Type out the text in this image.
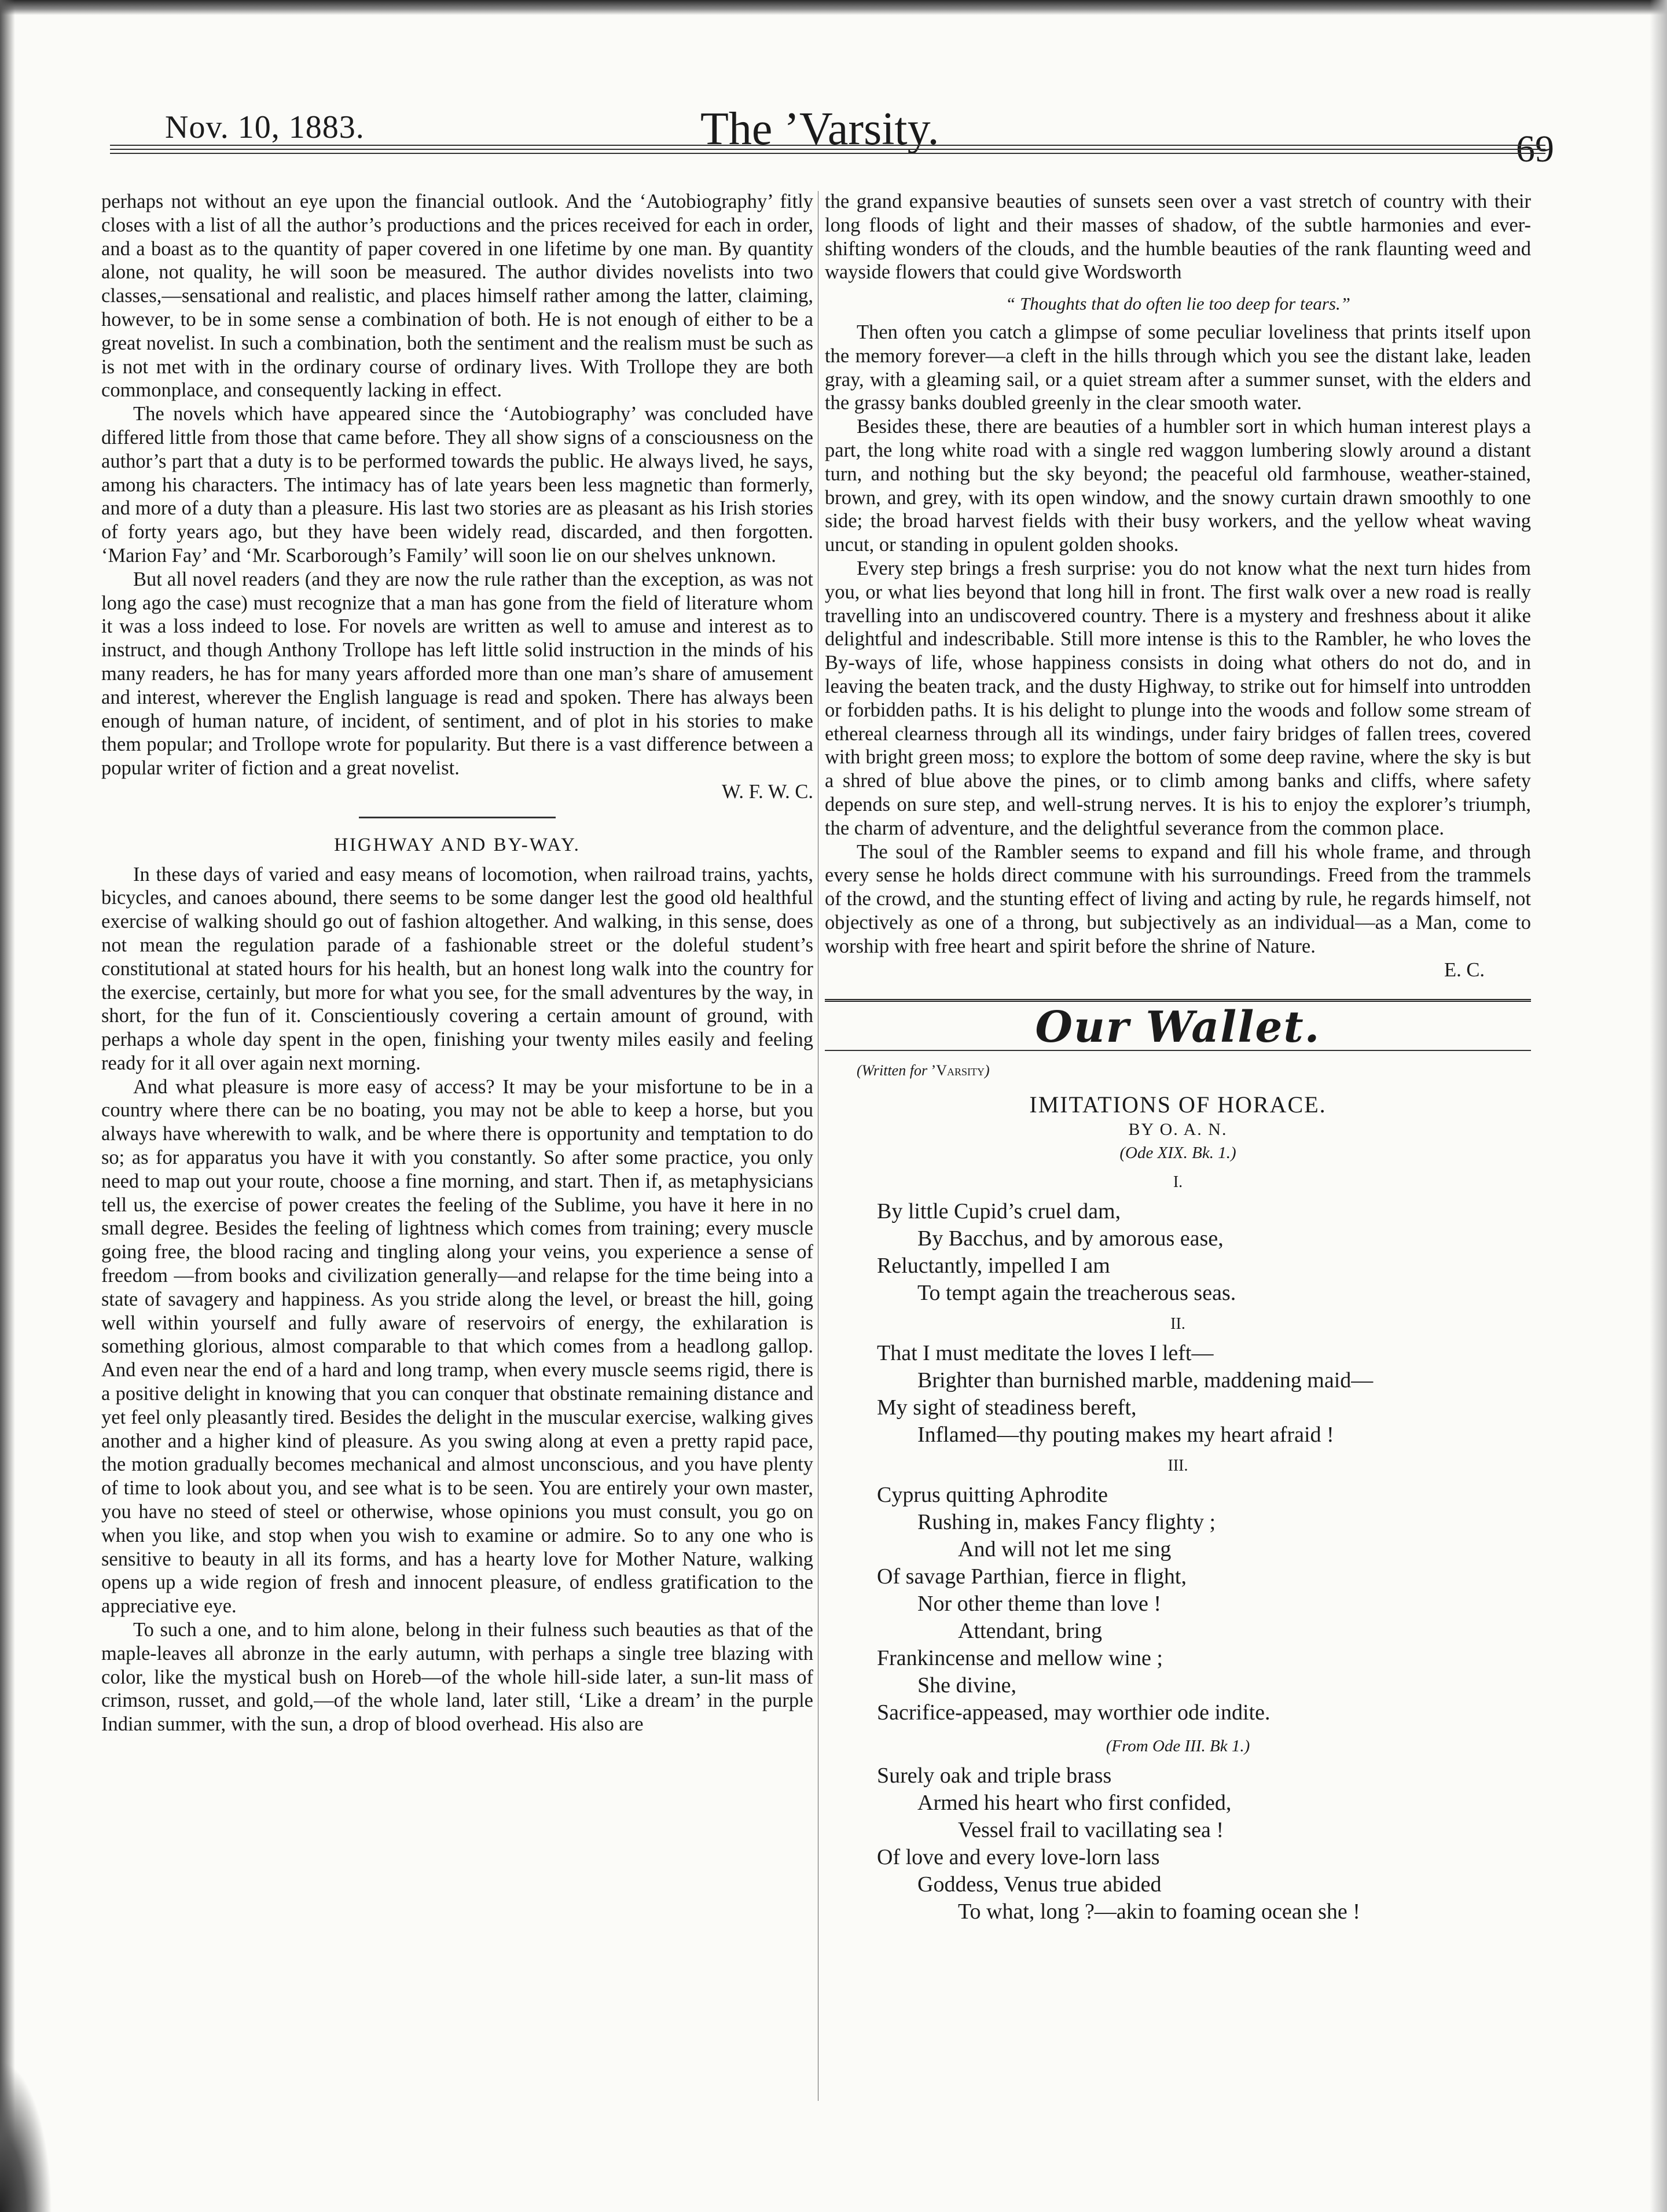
Nov. 10, 1883.	The ’Varsity.	69

perhaps not without an eye upon the financial outlook. And the ‘Autobiography’ fitly closes with a list of all the author’s productions and the prices received for each in order, and a boast as to the quantity of paper covered in one lifetime by one man. By quantity alone, not quality, he will soon be measured. The author divides novelists into two classes,—sensational and realistic, and places himself rather among the latter, claiming, however, to be in some sense a combination of both. He is not enough of either to be a great novelist. In such a combination, both the sentiment and the realism must be such as is not met with in the ordinary course of ordinary lives. With Trollope they are both commonplace, and consequently lacking in effect.

The novels which have appeared since the ‘Autobiography’ was concluded have differed little from those that came before. They all show signs of a consciousness on the author’s part that a duty is to be performed towards the public. He always lived, he says, among his characters. The intimacy has of late years been less magnetic than formerly, and more of a duty than a pleasure. His last two stories are as pleasant as his Irish stories of forty years ago, but they have been widely read, discarded, and then forgotten. ‘Marion Fay’ and ‘Mr. Scarborough’s Family’ will soon lie on our shelves unknown.

But all novel readers (and they are now the rule rather than the exception, as was not long ago the case) must recognize that a man has gone from the field of literature whom it was a loss indeed to lose. For novels are written as well to amuse and interest as to instruct, and though Anthony Trollope has left little solid instruction in the minds of his many readers, he has for many years afforded more than one man’s share of amusement and interest, wherever the English language is read and spoken. There has always been enough of human nature, of incident, of sentiment, and of plot in his stories to make them popular; and Trollope wrote for popularity. But there is a vast difference between a popular writer of fiction and a great novelist.

W. F. W. C.
HIGHWAY AND BY-WAY.

In these days of varied and easy means of locomotion, when railroad trains, yachts, bicycles, and canoes abound, there seems to be some danger lest the good old healthful exercise of walking should go out of fashion altogether. And walking, in this sense, does not mean the regulation parade of a fashionable street or the doleful student’s constitutional at stated hours for his health, but an honest long walk into the country for the exercise, certainly, but more for what you see, for the small adventures by the way, in short, for the fun of it. Conscientiously covering a certain amount of ground, with perhaps a whole day spent in the open, finishing your twenty miles easily and feeling ready for it all over again next morning.

And what pleasure is more easy of access? It may be your misfortune to be in a country where there can be no boating, you may not be able to keep a horse, but you always have wherewith to walk, and be where there is opportunity and temptation to do so; as for apparatus you have it with you constantly. So after some practice, you only need to map out your route, choose a fine morning, and start. Then if, as metaphysicians tell us, the exercise of power creates the feeling of the Sublime, you have it here in no small degree. Besides the feeling of lightness which comes from training; every muscle going free, the blood racing and tingling along your veins, you experience a sense of freedom —from books and civilization generally—and relapse for the time being into a state of savagery and happiness. As you stride along the level, or breast the hill, going well within yourself and fully aware of reservoirs of energy, the exhilaration is something glorious, almost comparable to that which comes from a headlong gallop. And even near the end of a hard and long tramp, when every muscle seems rigid, there is a positive delight in knowing that you can conquer that obstinate remaining distance and yet feel only pleasantly tired. Besides the delight in the muscular exercise, walking gives another and a higher kind of pleasure. As you swing along at even a pretty rapid pace, the motion gradually becomes mechanical and almost unconscious, and you have plenty of time to look about you, and see what is to be seen. You are entirely your own master, you have no steed of steel or otherwise, whose opinions you must consult, you go on when you like, and stop when you wish to examine or admire. So to any one who is sensitive to beauty in all its forms, and has a hearty love for Mother Nature, walking opens up a wide region of fresh and innocent pleasure, of endless gratification to the appreciative eye.

To such a one, and to him alone, belong in their fulness such beauties as that of the maple-leaves all abronze in the early autumn, with perhaps a single tree blazing with color, like the mystical bush on Horeb—of the whole hill-side later, a sun-lit mass of crimson, russet, and gold,—of the whole land, later still, ‘Like a dream’ in the purple Indian summer, with the sun, a drop of blood overhead. His also are

the grand expansive beauties of sunsets seen over a vast stretch of country with their long floods of light and their masses of shadow, of the subtle harmonies and ever-shifting wonders of the clouds, and the humble beauties of the rank flaunting weed and wayside flowers that could give Wordsworth

“ Thoughts that do often lie too deep for tears.”

Then often you catch a glimpse of some peculiar loveliness that prints itself upon the memory forever—a cleft in the hills through which you see the distant lake, leaden gray, with a gleaming sail, or a quiet stream after a summer sunset, with the elders and the grassy banks doubled greenly in the clear smooth water.

Besides these, there are beauties of a humbler sort in which human interest plays a part, the long white road with a single red waggon lumbering slowly around a distant turn, and nothing but the sky beyond; the peaceful old farmhouse, weather-stained, brown, and grey, with its open window, and the snowy curtain drawn smoothly to one side; the broad harvest fields with their busy workers, and the yellow wheat waving uncut, or standing in opulent golden shooks.

Every step brings a fresh surprise: you do not know what the next turn hides from you, or what lies beyond that long hill in front. The first walk over a new road is really travelling into an undiscovered country. There is a mystery and freshness about it alike delightful and indescribable. Still more intense is this to the Rambler, he who loves the By-ways of life, whose happiness consists in doing what others do not do, and in leaving the beaten track, and the dusty Highway, to strike out for himself into untrodden or forbidden paths. It is his delight to plunge into the woods and follow some stream of ethereal clearness through all its windings, under fairy bridges of fallen trees, covered with bright green moss; to explore the bottom of some deep ravine, where the sky is but a shred of blue above the pines, or to climb among banks and cliffs, where safety depends on sure step, and well-strung nerves. It is his to enjoy the explorer’s triumph, the charm of adventure, and the delightful severance from the common place.

The soul of the Rambler seems to expand and fill his whole frame, and through every sense he holds direct commune with his surroundings. Freed from the trammels of the crowd, and the stunting effect of living and acting by rule, he regards himself, not objectively as one of a throng, but subjectively as an individual—as a Man, come to worship with free heart and spirit before the shrine of Nature.

E. C.
Our Wallet.

(Written for ’Varsity)

IMITATIONS OF HORACE.
BY O. A. N.
(Ode XIX. Bk. 1.)
I.
By little Cupid’s cruel dam,
By Bacchus, and by amorous ease,
Reluctantly, impelled I am
To tempt again the treacherous seas.
II.
That I must meditate the loves I left—
Brighter than burnished marble, maddening maid—
My sight of steadiness bereft,
Inflamed—thy pouting makes my heart afraid !
III.
Cyprus quitting Aphrodite
Rushing in, makes Fancy flighty ;
And will not let me sing
Of savage Parthian, fierce in flight,
Nor other theme than love !
Attendant, bring
Frankincense and mellow wine ;
She divine,
Sacrifice-appeased, may worthier ode indite.
(From Ode III. Bk 1.)
Surely oak and triple brass
Armed his heart who first confided,
Vessel frail to vacillating sea !
Of love and every love-lorn lass
Goddess, Venus true abided
To what, long ?—akin to foaming ocean she !
